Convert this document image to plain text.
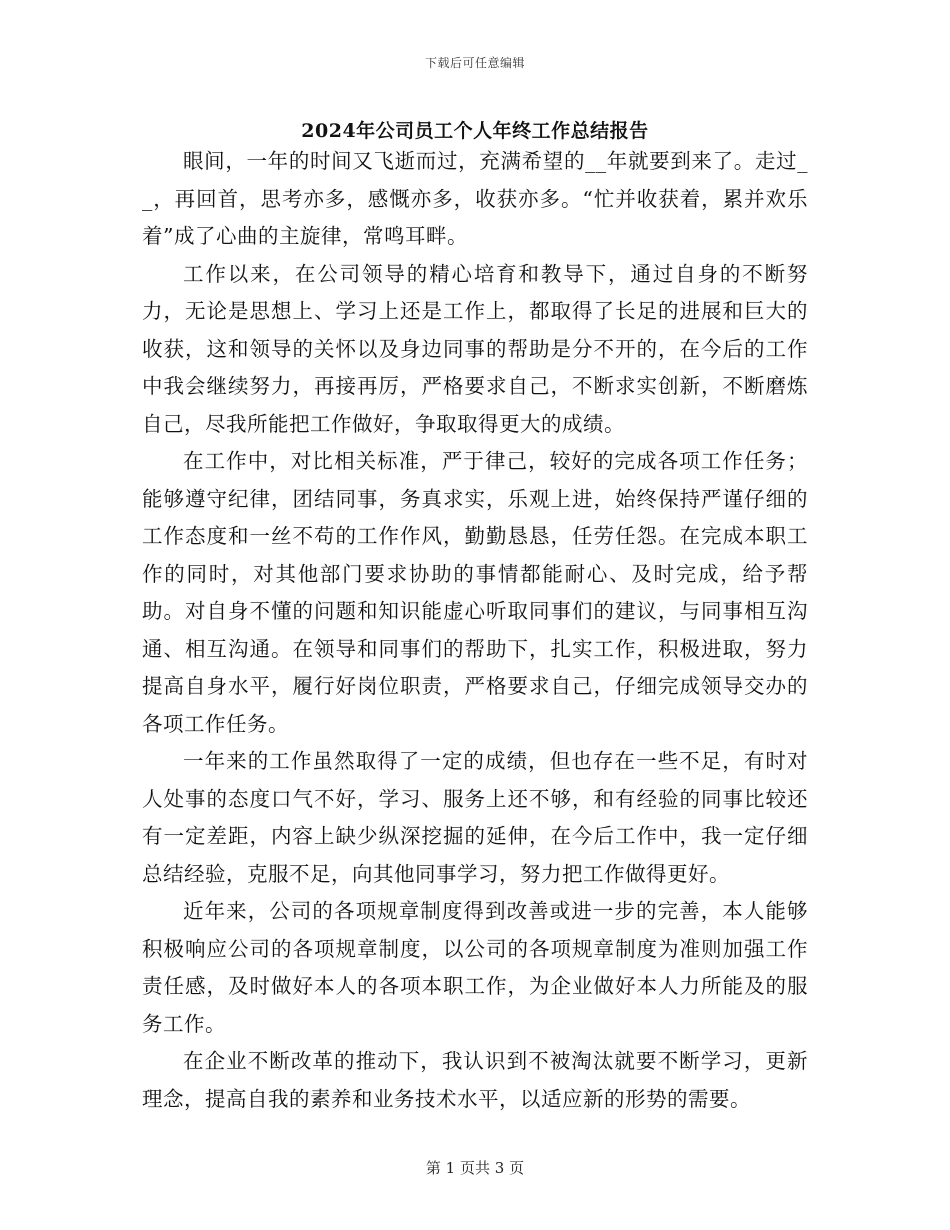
下载后可任意编辑
2024年公司员工个人年终工作总结报告

眼间，一年的时间又飞逝而过，充满希望的__年就要到来了。走过__，再回首，思考亦多，感慨亦多，收获亦多。“忙并收获着，累并欢乐着”成了心曲的主旋律，常鸣耳畔。

工作以来，在公司领导的精心培育和教导下，通过自身的不断努力，无论是思想上、学习上还是工作上，都取得了长足的进展和巨大的收获，这和领导的关怀以及身边同事的帮助是分不开的，在今后的工作中我会继续努力，再接再厉，严格要求自己，不断求实创新，不断磨炼自己，尽我所能把工作做好，争取取得更大的成绩。

在工作中，对比相关标准，严于律己，较好的完成各项工作任务；能够遵守纪律，团结同事，务真求实，乐观上进，始终保持严谨仔细的工作态度和一丝不苟的工作作风，勤勤恳恳，任劳任怨。在完成本职工作的同时，对其他部门要求协助的事情都能耐心、及时完成，给予帮助。对自身不懂的问题和知识能虚心听取同事们的建议，与同事相互沟通、相互沟通。在领导和同事们的帮助下，扎实工作，积极进取，努力提高自身水平，履行好岗位职责，严格要求自己，仔细完成领导交办的各项工作任务。

一年来的工作虽然取得了一定的成绩，但也存在一些不足，有时对人处事的态度口气不好，学习、服务上还不够，和有经验的同事比较还有一定差距，内容上缺少纵深挖掘的延伸，在今后工作中，我一定仔细总结经验，克服不足，向其他同事学习，努力把工作做得更好。

近年来，公司的各项规章制度得到改善或进一步的完善，本人能够积极响应公司的各项规章制度，以公司的各项规章制度为准则加强工作责任感，及时做好本人的各项本职工作，为企业做好本人力所能及的服务工作。

在企业不断改革的推动下，我认识到不被淘汰就要不断学习，更新理念，提高自我的素养和业务技术水平，以适应新的形势的需要。

第 1 页共 3 页
